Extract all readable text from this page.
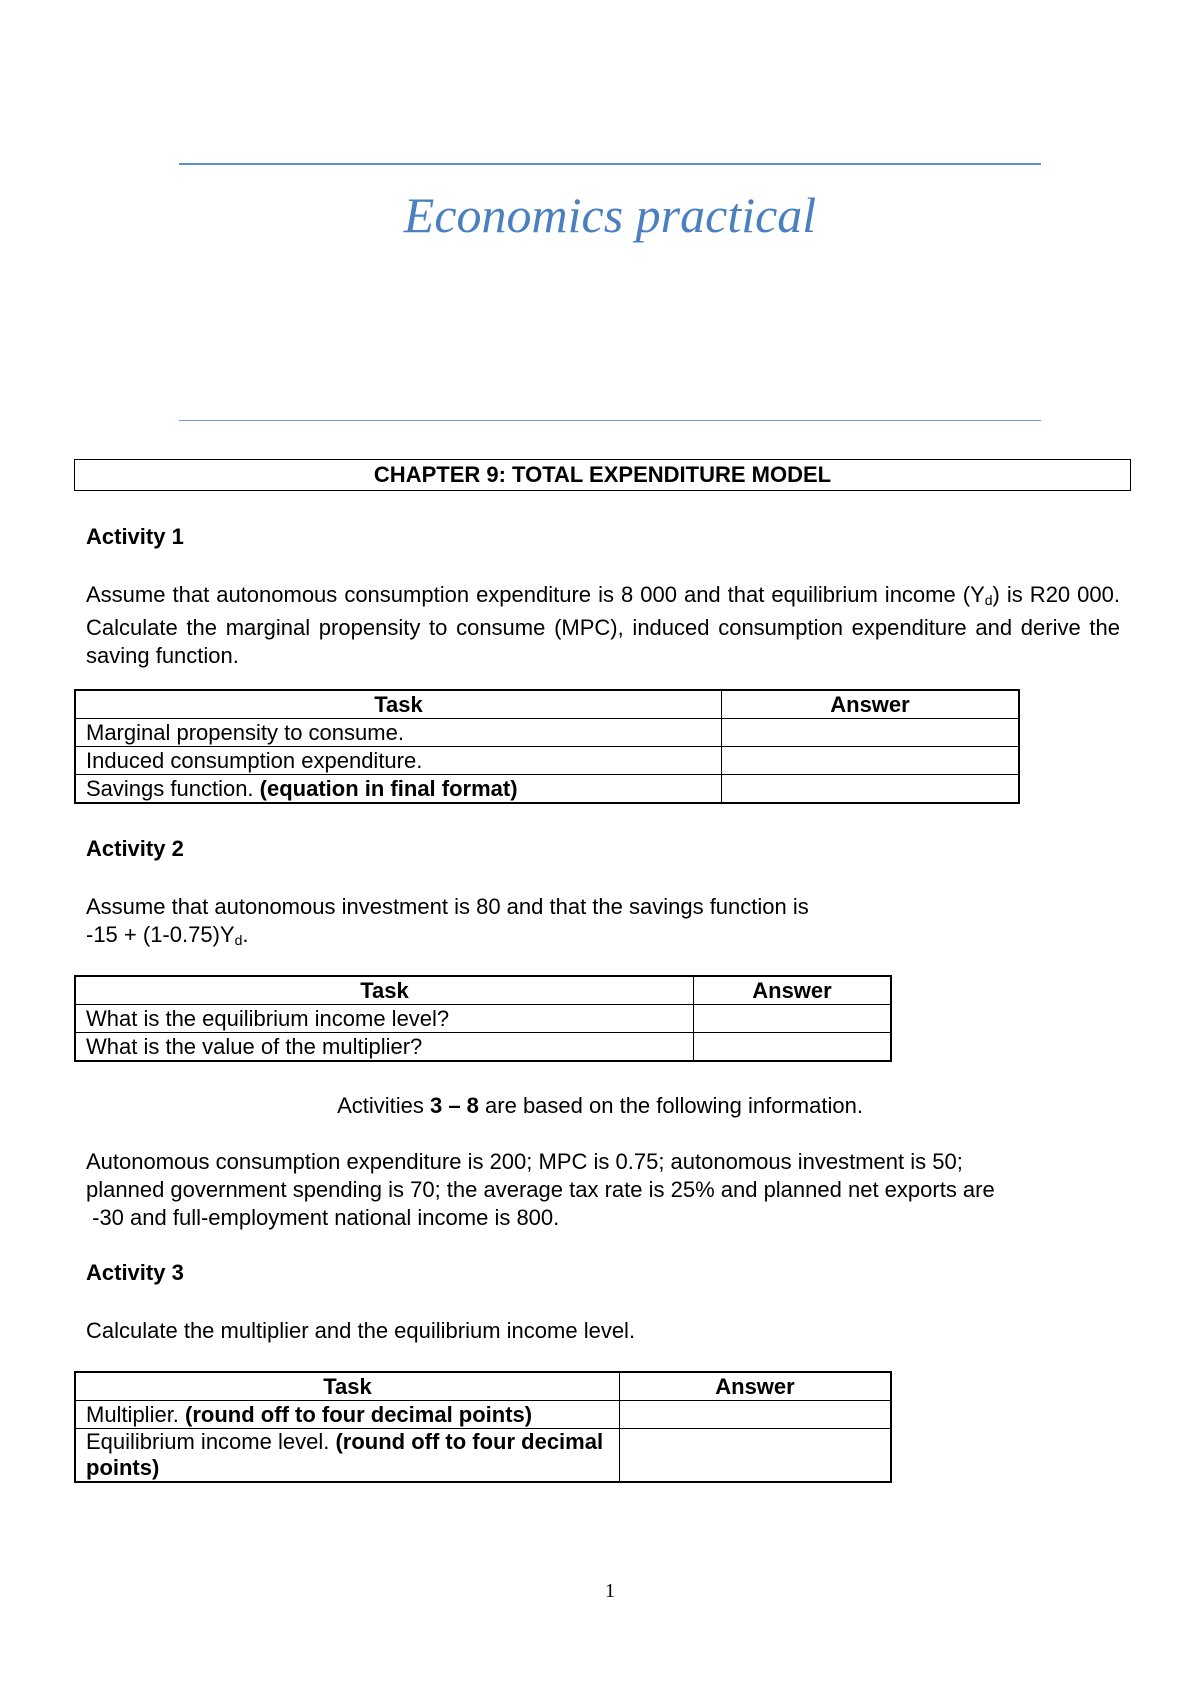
Economics practical
CHAPTER 9: TOTAL EXPENDITURE MODEL
Activity 1
Assume that autonomous consumption expenditure is 8 000 and that equilibrium income $(Y_d)$ is R20 000. Calculate the marginal propensity to consume (MPC), induced consumption expenditure and derive the saving function.
Task	Answer
Marginal propensity to consume.	
Induced consumption expenditure.	
Savings function. (equation in final format)	
Activity 2
Assume that autonomous investment is 80 and that the savings function is
$-15 + (1-0.75)Y_d$.
Task	Answer
What is the equilibrium income level?	
What is the value of the multiplier?	
Activities 3 – 8 are based on the following information.
Autonomous consumption expenditure is 200; MPC is 0.75; autonomous investment is 50;
planned government spending is 70; the average tax rate is 25% and planned net exports are
-30 and full-employment national income is 800.
Activity 3
Calculate the multiplier and the equilibrium income level.
Task	Answer
Multiplier. (round off to four decimal points)	
Equilibrium income level. (round off to four decimal points)	
1
